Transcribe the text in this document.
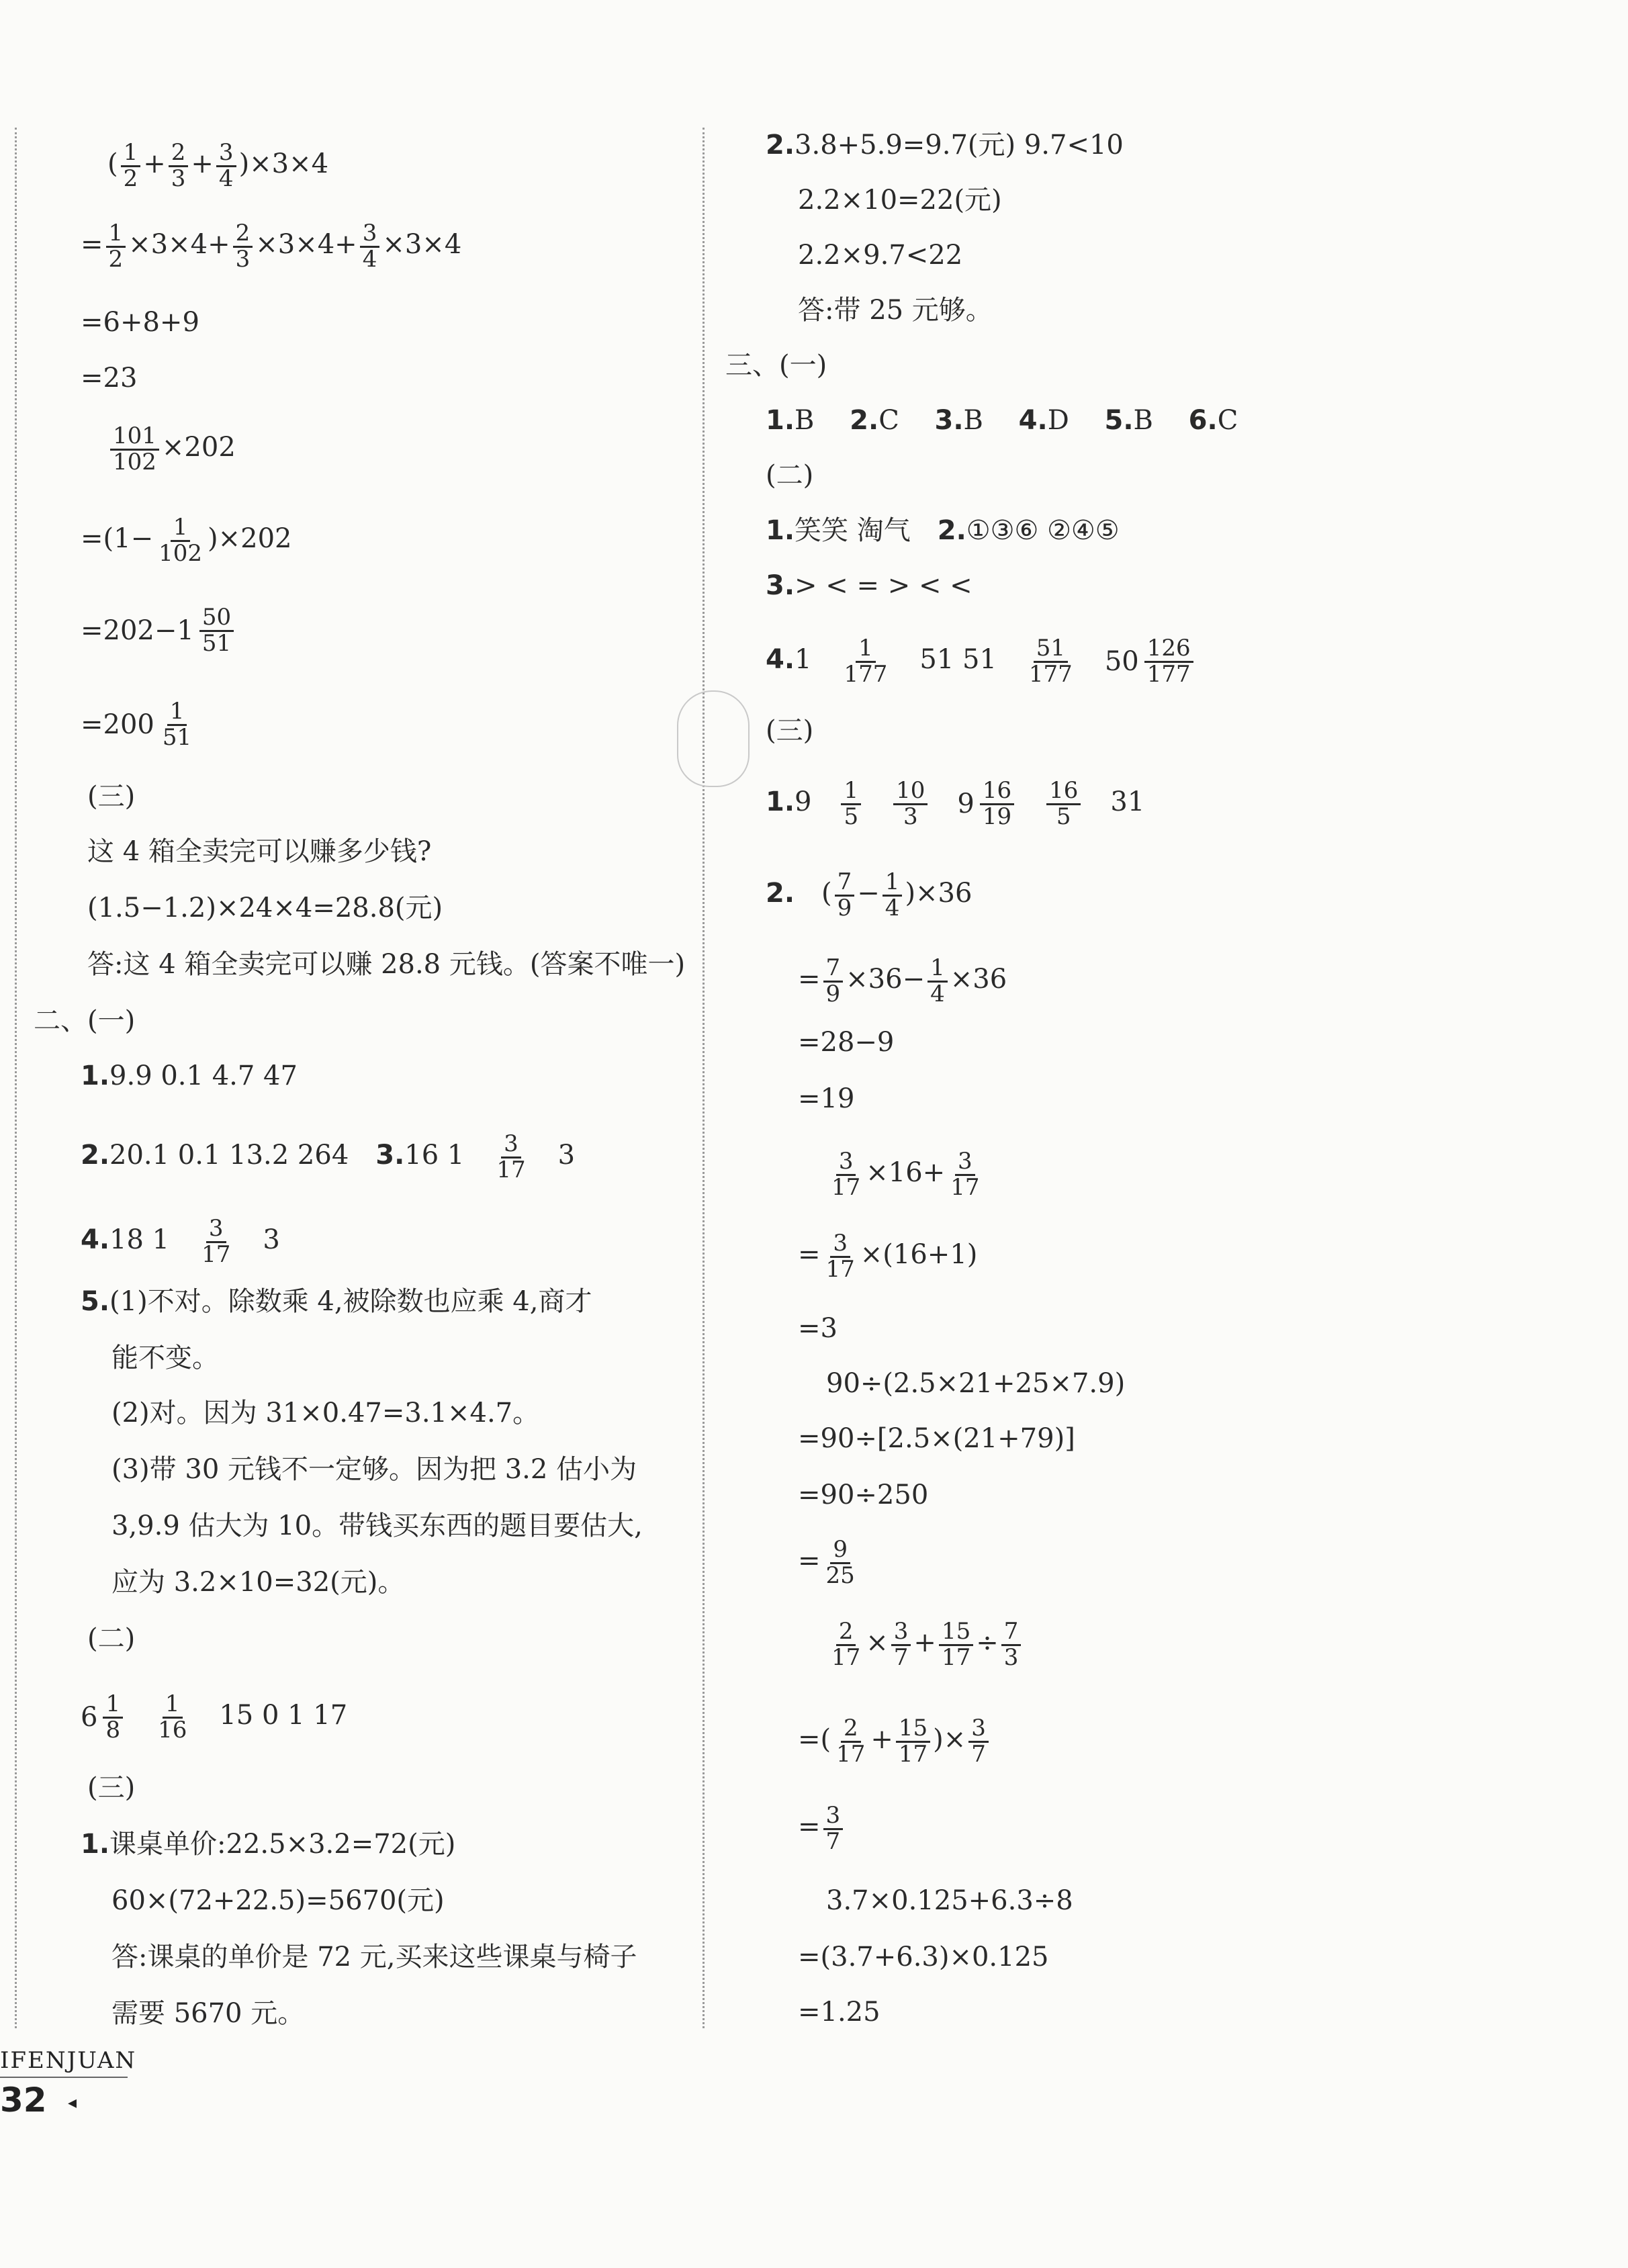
( $\frac{1}{2} + \frac{2}{3} + \frac{3}{4} )\times 3\times 4$
= $\frac{1}{2} \times 3\times 4+ \frac{2}{3} \times 3\times 4+ \frac{3}{4} \times 3\times 4$
=6+8+9
=23
$\frac{101}{102} \times 202$
$=(1- \frac{1}{102} )\times 202$
=202−1 50
51
=200 1
51
(三)
这 4 箱全卖完可以赚多少钱?
(1.5−1.2)×24×4=28.8(元)
答:这 4 箱全卖完可以赚 28.8 元钱。(答案不唯一)
二、(一)
1.9.9 0.1 4.7 47
2.20.1 0.1 13.2 264 3.16 $1 \frac{3}{17} 3$
4.18 $1 \frac{3}{17} 3$
5.(1)不对。除数乘 4,被除数也应乘 4,商才
能不变。
(2)对。因为 31×0.47=3.1×4.7。
(3)带 30 元钱不一定够。因为把 3.2 估小为
3,9.9 估大为 10。带钱买东西的题目要估大,
应为 3.2×10=32(元)。
(二)
6 1
$8 \frac{1}{16} 15$ 0 1 17
(三)
1.课桌单价:22.5×3.2=72(元)
60×(72+22.5)=5670(元)
答:课桌的单价是 72 元,买来这些课桌与椅子
需要 5670 元。
2.3.8+5.9=9.7(元) 9.7<10
2.2×10=22(元)
2.2×9.7<22
答:带 25 元够。
三、(一)
1.B 2.C 3.B 4.D 5.B 6.C
(二)
1.笑笑 淘气 2.①③⑥ ②④⑤
3.> < = > < <
$4.1 \frac{1}{177} 51$ $51 \frac{51}{177} 50$ 126
177
(三)
$1.9 \frac{1}{5} \frac{10}{3} 9$ 16
$19 \frac{16}{5} 31$
2. ( $\frac{7}{9} - \frac{1}{4} )\times 36$
= $\frac{7}{9} \times 36- \frac{1}{4} \times 36$
=28−9
=19
$\frac{3}{17} \times 16+ \frac{3}{17}$
= $\frac{3}{17} \times(16+1)$
=3
90÷(2.5×21+25×7.9)
=90÷[2.5×(21+79)]
=90÷250
= $\frac{9}{25}$
$\frac{2}{17} \times \frac{3}{7} + \frac{15}{17} \div \frac{7}{3}$
=( $\frac{2}{17} + \frac{15}{17}$ )× $\frac{3}{7}$
= $\frac{3}{7}$
3.7×0.125+6.3÷8
=(3.7+6.3)×0.125
=1.25
IFENJUAN
32 ◂
